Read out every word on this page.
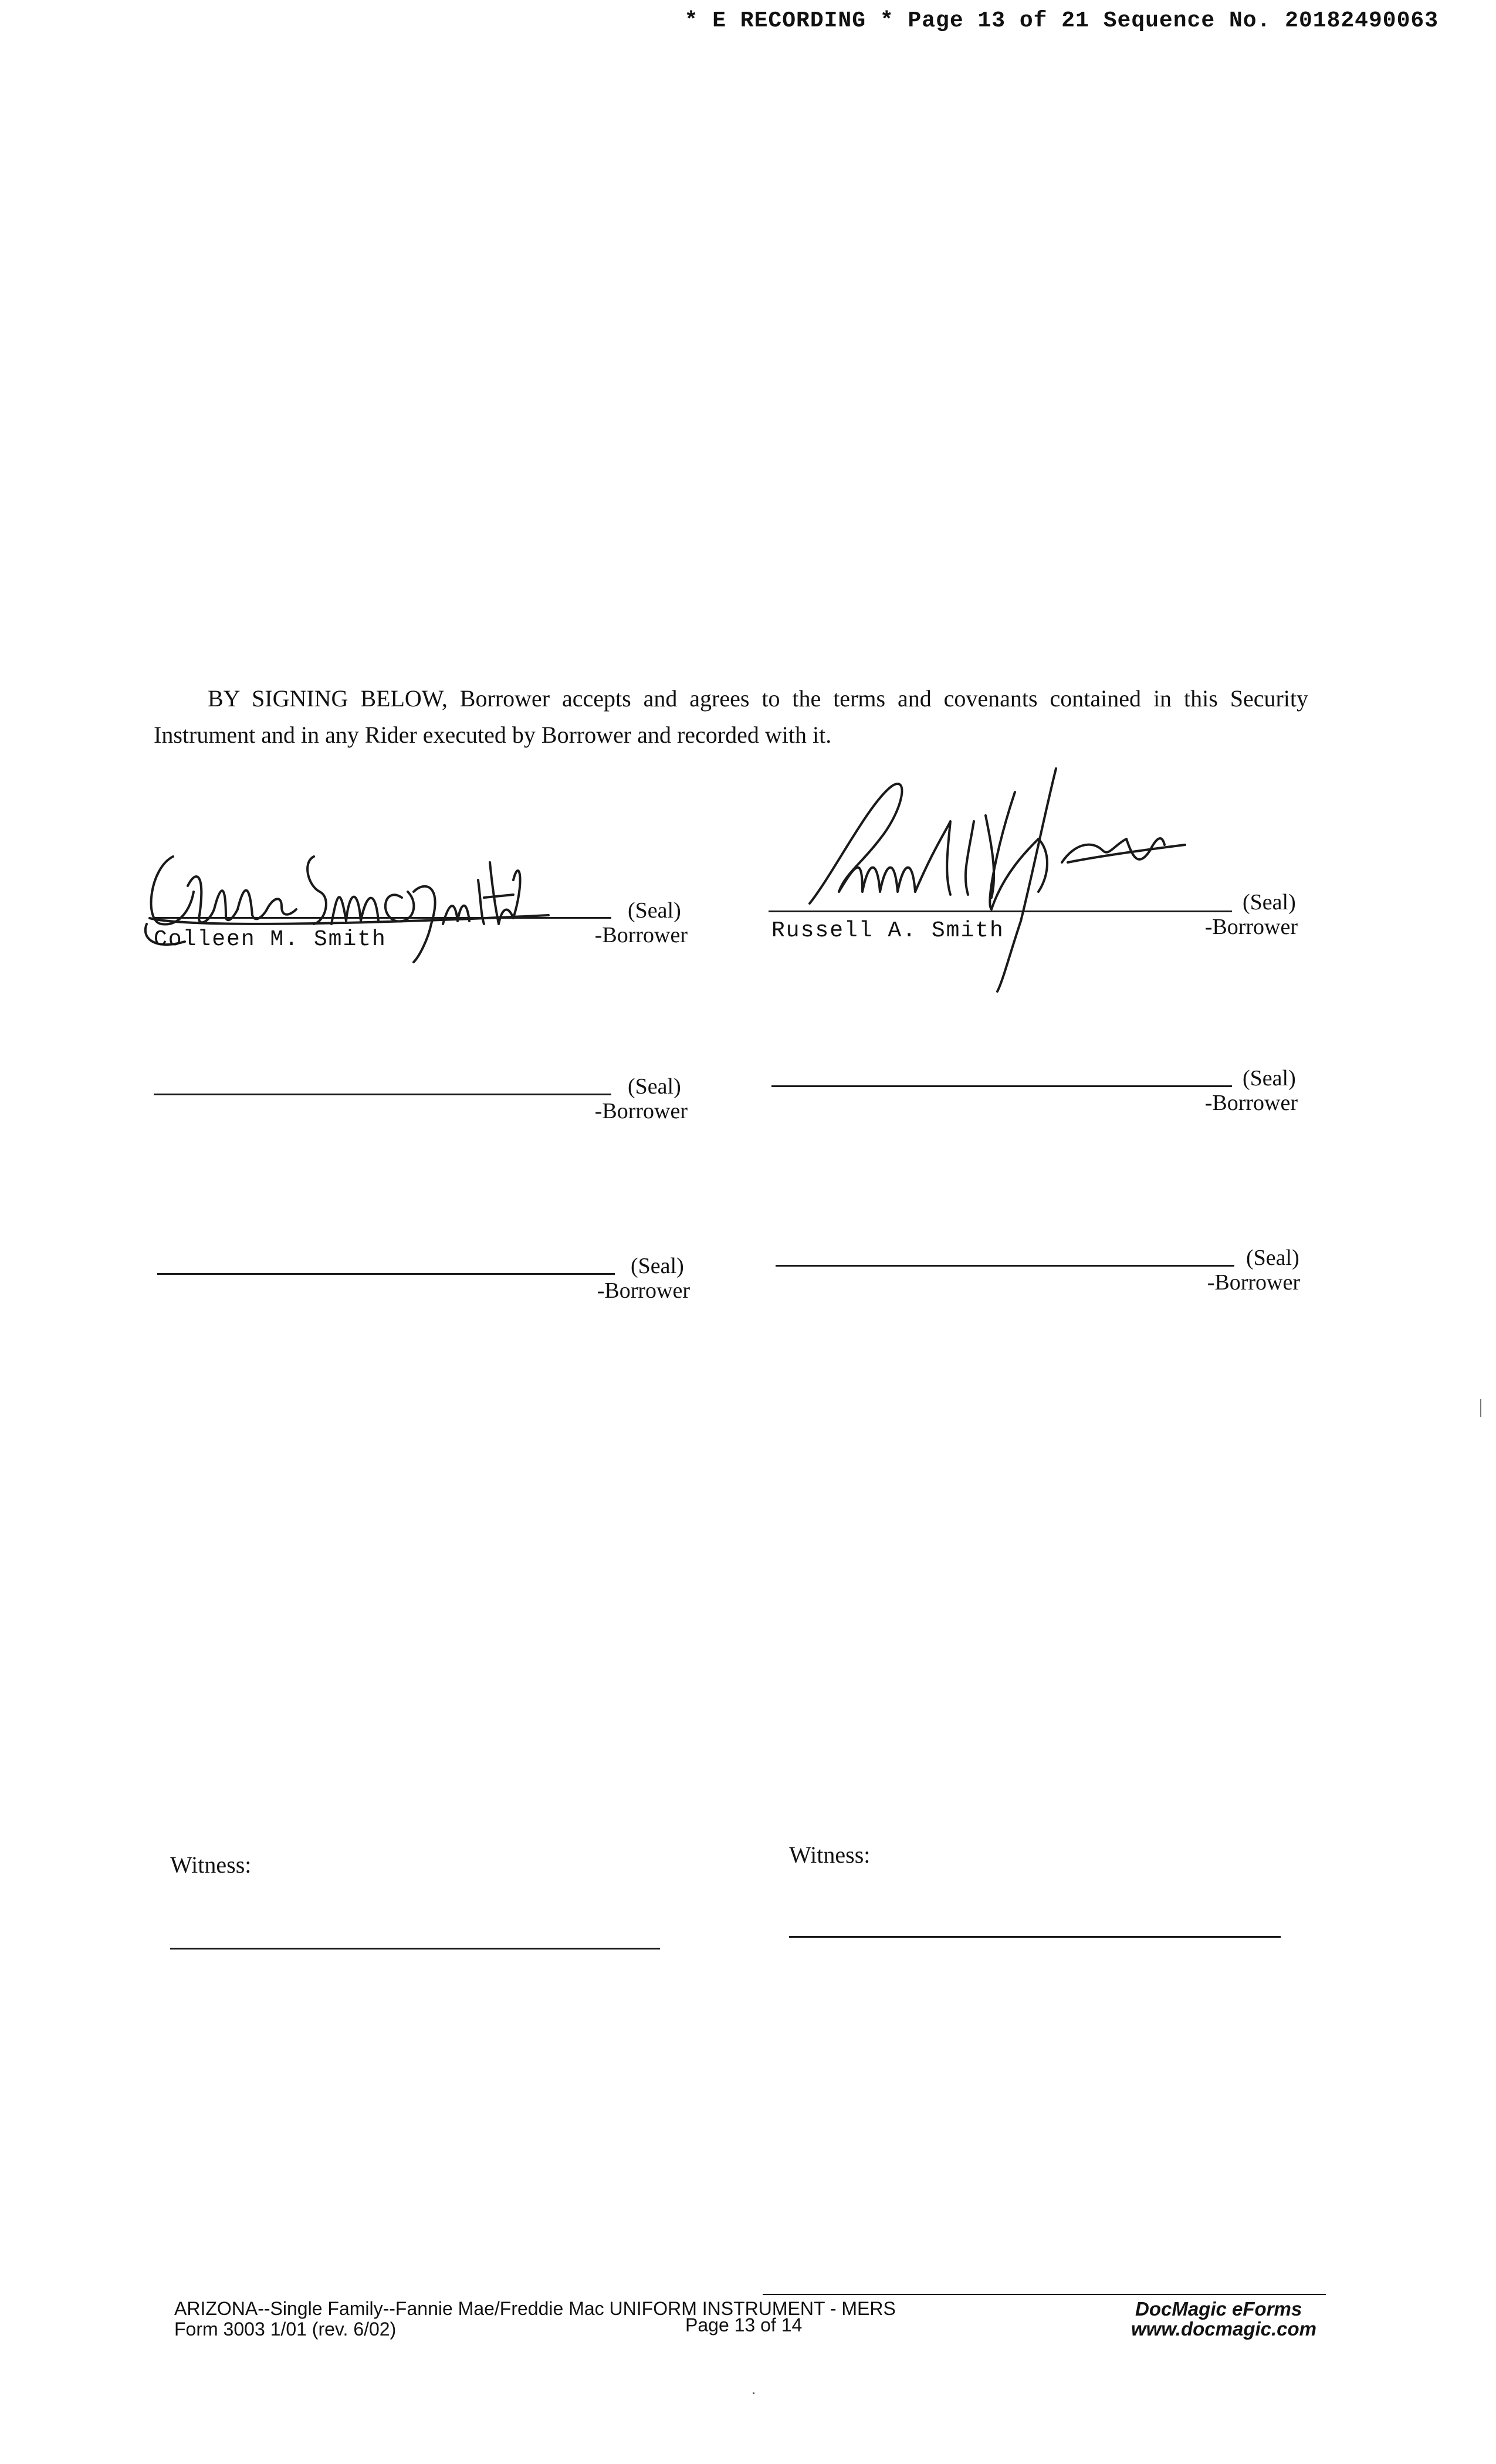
* E RECORDING * Page 13 of 21 Sequence No. 20182490063
BY SIGNING BELOW, Borrower accepts and agrees to the terms and covenants contained in this Security Instrument and in any Rider executed by Borrower and recorded with it.
(Seal)
-Borrower
Colleen M. Smith
(Seal)
-Borrower
Russell A. Smith
(Seal)
-Borrower
(Seal)
-Borrower
(Seal)
-Borrower
(Seal)
-Borrower
Witness:	Witness:
ARIZONA--Single Family--Fannie Mae/Freddie Mac UNIFORM INSTRUMENT - MERS
Form 3003 1/01 (rev. 6/02)	Page 13 of 14
DocMagic eForms
www.docmagic.com
